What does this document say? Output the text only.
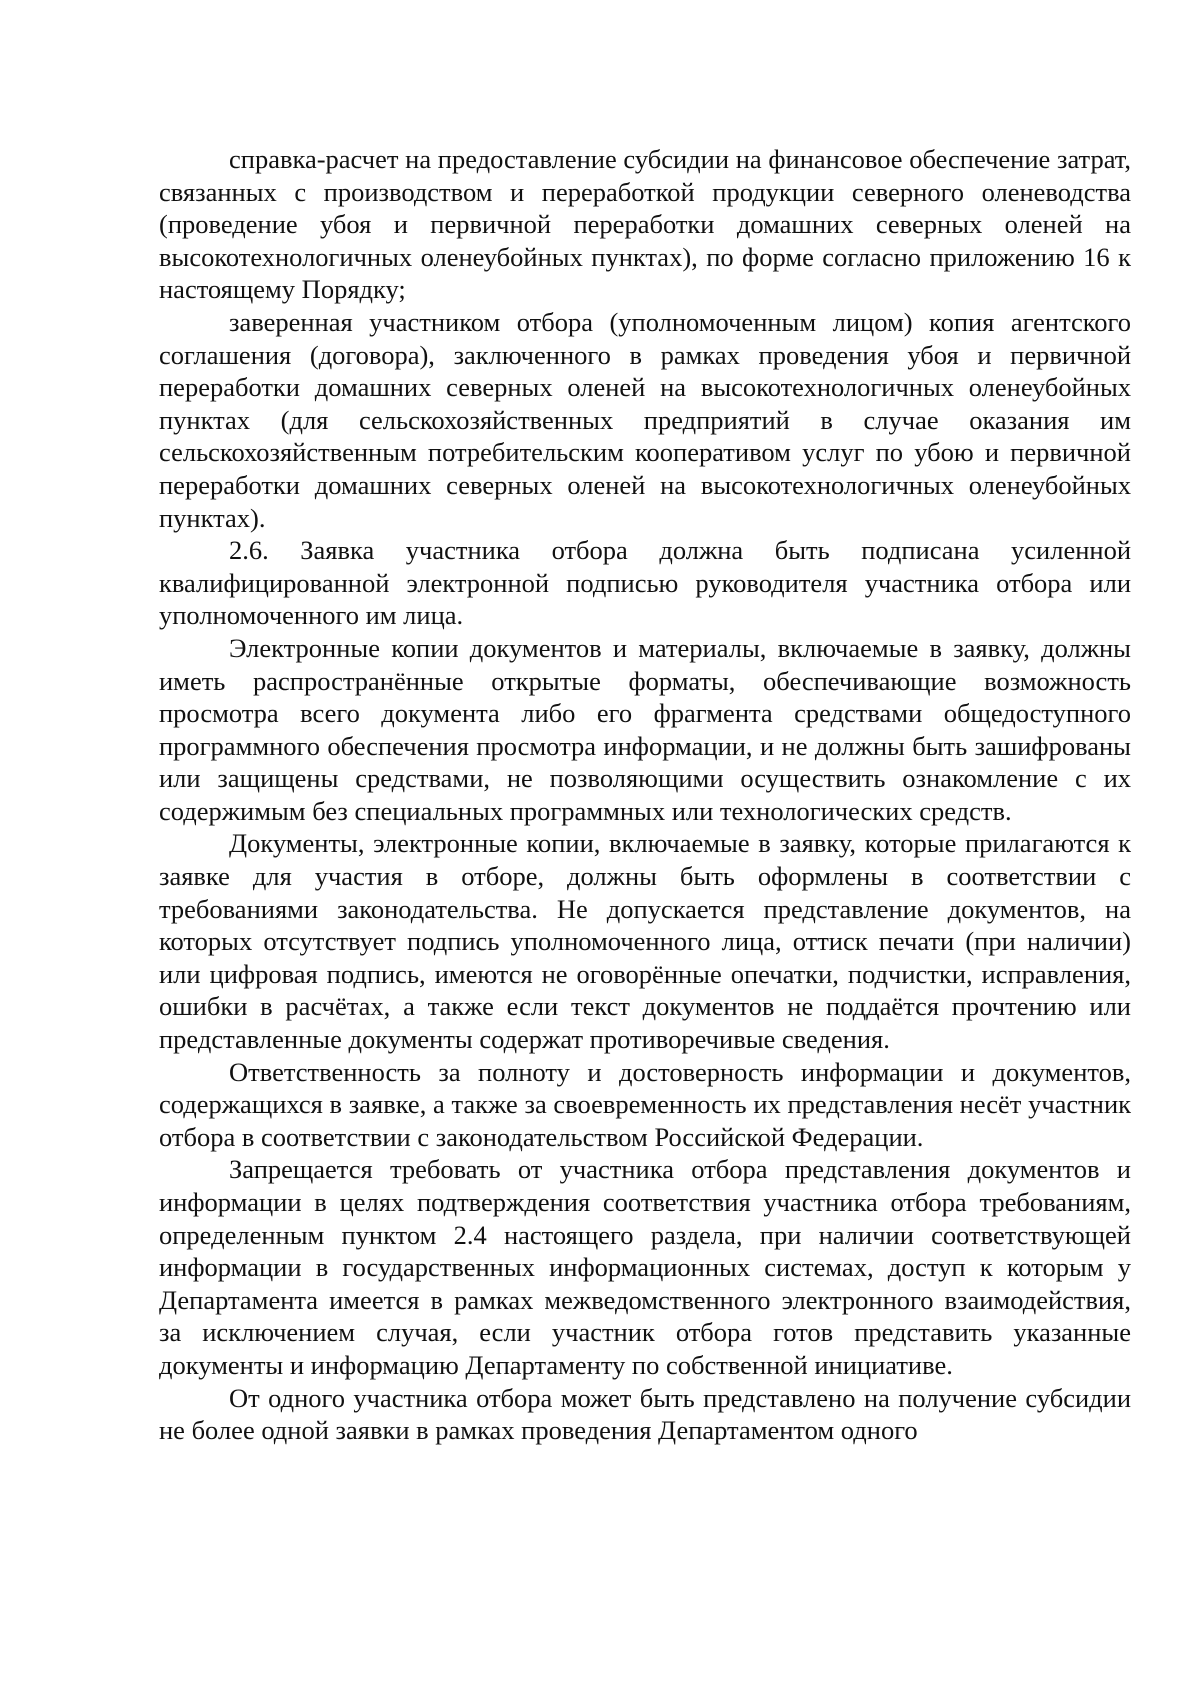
справка-расчет на предоставление субсидии на финансовое обеспечение затрат, связанных с производством и переработкой продукции северного оленеводства (проведение убоя и первичной переработки домашних северных оленей на высокотехнологичных оленеубойных пунктах), по форме согласно приложению 16 к настоящему Порядку;

заверенная участником отбора (уполномоченным лицом) копия агентского соглашения (договора), заключенного в рамках проведения убоя и первичной переработки домашних северных оленей на высокотехнологичных оленеубойных пунктах (для сельскохозяйственных предприятий в случае оказания им сельскохозяйственным потребительским кооперативом услуг по убою и первичной переработки домашних северных оленей на высокотехнологичных оленеубойных пунктах).

2.6. Заявка участника отбора должна быть подписана усиленной квалифицированной электронной подписью руководителя участника отбора или уполномоченного им лица.

Электронные копии документов и материалы, включаемые в заявку, должны иметь распространённые открытые форматы, обеспечивающие возможность просмотра всего документа либо его фрагмента средствами общедоступного программного обеспечения просмотра информации, и не должны быть зашифрованы или защищены средствами, не позволяющими осуществить ознакомление с их содержимым без специальных программных или технологических средств.

Документы, электронные копии, включаемые в заявку, которые прилагаются к заявке для участия в отборе, должны быть оформлены в соответствии с требованиями законодательства. Не допускается представление документов, на которых отсутствует подпись уполномоченного лица, оттиск печати (при наличии) или цифровая подпись, имеются не оговорённые опечатки, подчистки, исправления, ошибки в расчётах, а также если текст документов не поддаётся прочтению или представленные документы содержат противоречивые сведения.

Ответственность за полноту и достоверность информации и документов, содержащихся в заявке, а также за своевременность их представления несёт участник отбора в соответствии с законодательством Российской Федерации.

Запрещается требовать от участника отбора представления документов и информации в целях подтверждения соответствия участника отбора требованиям, определенным пунктом 2.4 настоящего раздела, при наличии соответствующей информации в государственных информационных системах, доступ к которым у Департамента имеется в рамках межведомственного электронного взаимодействия, за исключением случая, если участник отбора готов представить указанные документы и информацию Департаменту по собственной инициативе.

От одного участника отбора может быть представлено на получение субсидии не более одной заявки в рамках проведения Департаментом одного
